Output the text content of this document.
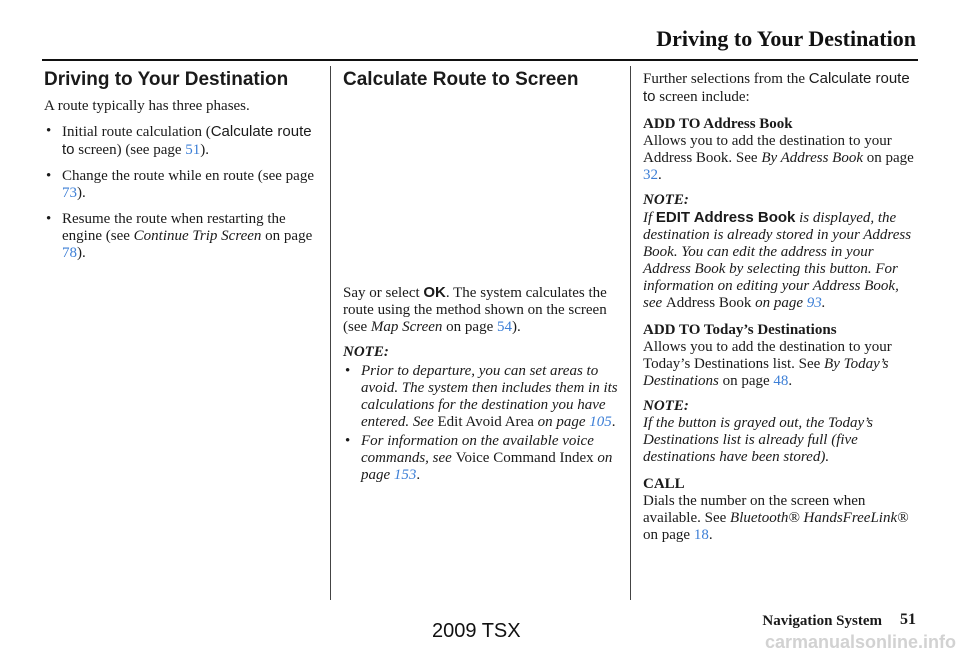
Driving to Your Destination
Driving to Your Destination

A route typically has three phases.

• Initial route calculation (Calculate route to screen) (see page 51).
• Change the route while en route (see page 73).
• Resume the route when restarting the engine (see Continue Trip Screen on page 78).
Calculate Route to Screen

Say or select OK. The system calculates the route using the method shown on the screen (see Map Screen on page 54).

NOTE:
• Prior to departure, you can set areas to avoid. The system then includes them in its calculations for the destination you have entered. See Edit Avoid Area on page 105.
• For information on the available voice commands, see Voice Command Index on page 153.

Further selections from the Calculate route to screen include:

ADD TO Address Book

Allows you to add the destination to your Address Book. See By Address Book on page 32.

NOTE:

If EDIT Address Book is displayed, the destination is already stored in your Address Book. You can edit the address in your Address Book by selecting this button. For information on editing your Address Book, see Address Book on page 93.

ADD TO Today’s Destinations

Allows you to add the destination to your Today’s Destinations list. See By Today’s Destinations on page 48.

NOTE:

If the button is grayed out, the Today’s Destinations list is already full (five destinations have been stored).

CALL

Dials the number on the screen when available. See Bluetooth® HandsFreeLink® on page 18.

Navigation System 51
2009 TSX	carmanualsonline.info
